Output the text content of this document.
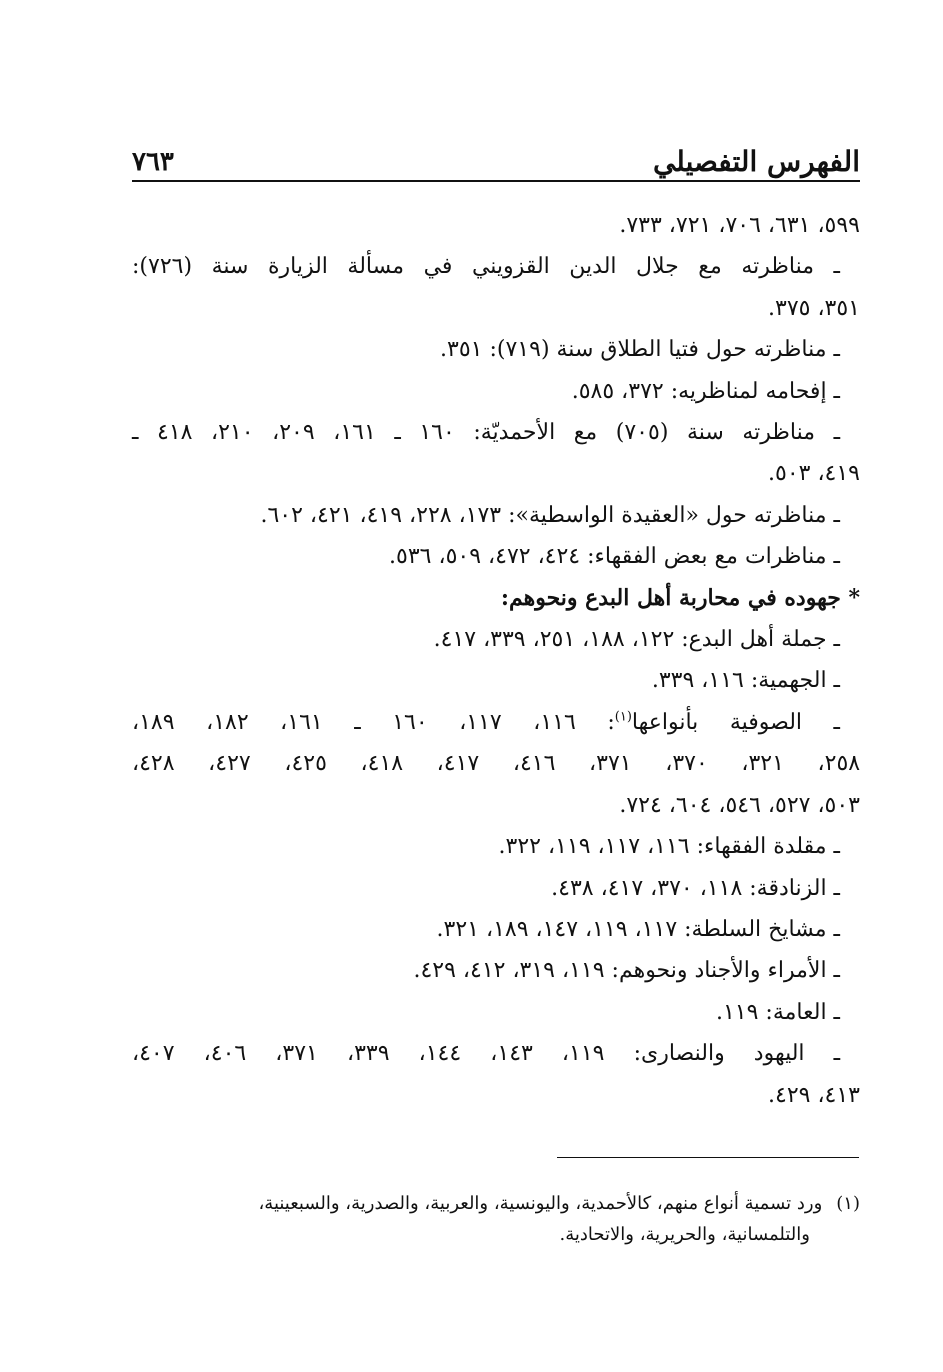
الفهرس التفصيلي
٧٦٣
٥٩٩، ٦٣١، ٧٠٦، ٧٢١، ٧٣٣.
ـ مناظرته مع جلال الدين القزويني في مسألة الزيارة سنة (٧٢٦):
٣٥١، ٣٧٥.
ـ مناظرته حول فتيا الطلاق سنة (٧١٩): ٣٥١.
ـ إفحامه لمناظريه: ٣٧٢، ٥٨٥.
ـ مناظرته سنة (٧٠٥) مع الأحمديّة: ١٦٠ ـ ١٦١، ٢٠٩، ٢١٠، ٤١٨ ـ
٤١٩، ٥٠٣.
ـ مناظرته حول «العقيدة الواسطية»: ١٧٣، ٢٢٨، ٤١٩، ٤٢١، ٦٠٢.
ـ مناظرات مع بعض الفقهاء: ٤٢٤، ٤٧٢، ٥٠٩، ٥٣٦.
* جهوده في محاربة أهل البدع ونحوهم:
ـ جملة أهل البدع: ١٢٢، ١٨٨، ٢٥١، ٣٣٩، ٤١٧.
ـ الجهمية: ١١٦، ٣٣٩.
ـ الصوفية بأنواعها$^{(١)}$: ١١٦، ١١٧، ١٦٠ ـ ١٦١، ١٨٢، ١٨٩،
٢٥٨، ٣٢١، ٣٧٠، ٣٧١، ٤١٦، ٤١٧، ٤١٨، ٤٢٥، ٤٢٧، ٤٢٨،
٥٠٣، ٥٢٧، ٥٤٦، ٦٠٤، ٧٢٤.
ـ مقلدة الفقهاء: ١١٦، ١١٧، ١١٩، ٣٢٢.
ـ الزنادقة: ١١٨، ٣٧٠، ٤١٧، ٤٣٨.
ـ مشايخ السلطة: ١١٧، ١١٩، ١٤٧، ١٨٩، ٣٢١.
ـ الأمراء والأجناد ونحوهم: ١١٩، ٣١٩، ٤١٢، ٤٢٩.
ـ العامة: ١١٩.
ـ اليهود والنصارى: ١١٩، ١٤٣، ١٤٤، ٣٣٩، ٣٧١، ٤٠٦، ٤٠٧،
٤١٣، ٤٢٩.
(١) ورد تسمية أنواع منهم، كالأحمدية، واليونسية، والعربية، والصدرية، والسبعينية،
والتلمسانية، والحريرية، والاتحادية.
